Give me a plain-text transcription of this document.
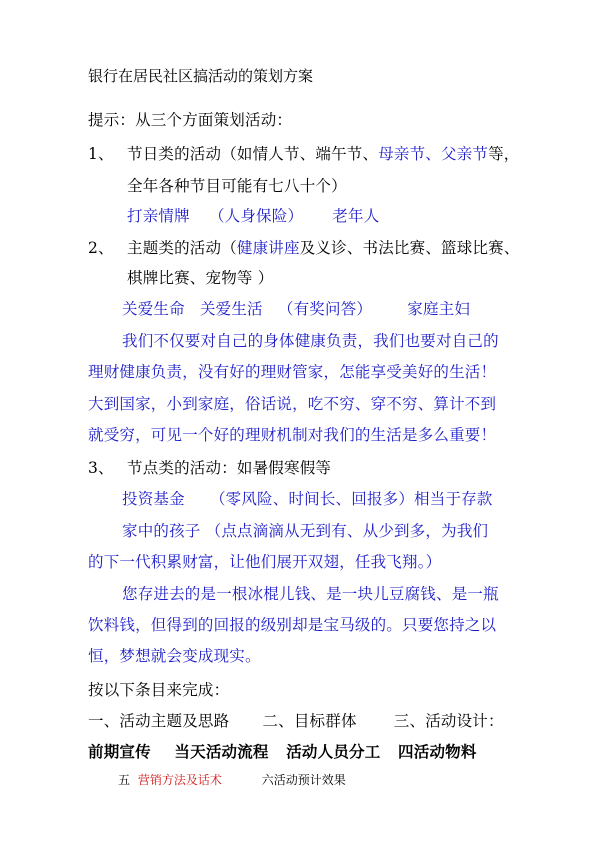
银行在居民社区搞活动的策划方案
提示：从三个方面策划活动：
1、 节日类的活动（如情人节、端午节、母亲节、父亲节等，
全年各种节目可能有七八十个）
打亲情牌 （人身保险） 老年人
2、 主题类的活动（健康讲座及义诊、书法比赛、篮球比赛、
棋牌比赛、宠物等 ）
关爱生命 关爱生活 （有奖问答） 家庭主妇
我们不仅要对自己的身体健康负责，我们也要对自己的
理财健康负责，没有好的理财管家，怎能享受美好的生活！
大到国家，小到家庭，俗话说，吃不穷、穿不穷、算计不到
就受穷，可见一个好的理财机制对我们的生活是多么重要！
3、 节点类的活动：如暑假寒假等
投资基金 （零风险、时间长、回报多）相当于存款
家中的孩子 （点点滴滴从无到有、从少到多，为我们
的下一代积累财富，让他们展开双翅，任我飞翔。）
您存进去的是一根冰棍儿钱、是一块儿豆腐钱、是一瓶
饮料钱，但得到的回报的级别却是宝马级的。只要您持之以
恒，梦想就会变成现实。
按以下条目来完成：
一、活动主题及思路 二、目标群体 三、活动设计：
前期宣传 当天活动流程 活动人员分工 四活动物料
五 营销方法及话术	六活动预计效果
